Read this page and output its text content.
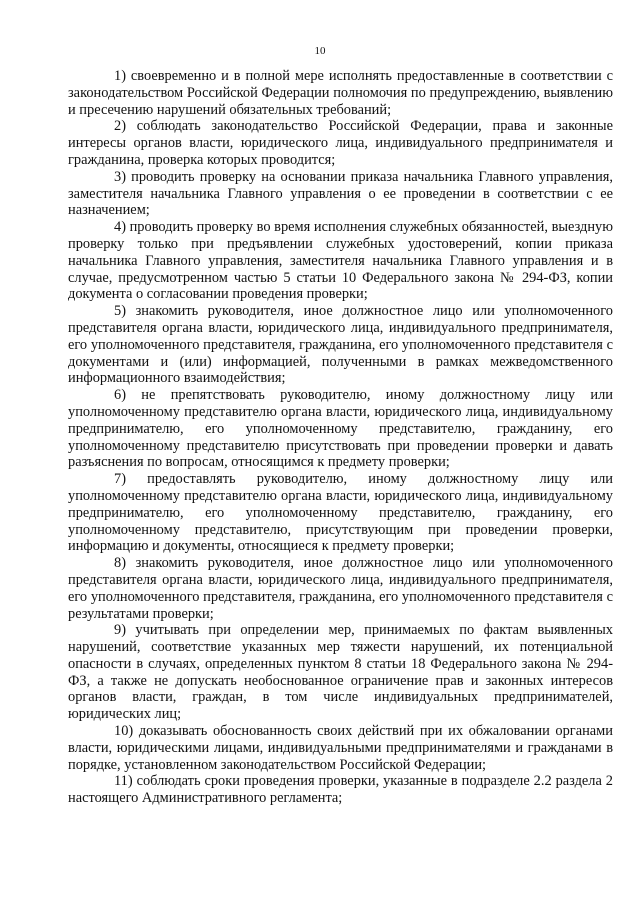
10

1) своевременно и в полной мере исполнять предоставленные в соответствии с законодательством Российской Федерации полномочия по предупреждению, выявлению и пресечению нарушений обязательных требований;

2) соблюдать законодательство Российской Федерации, права и законные интересы органов власти, юридического лица, индивидуального предпринимателя и гражданина, проверка которых проводится;

3) проводить проверку на основании приказа начальника Главного управления, заместителя начальника Главного управления о ее проведении в соответствии с ее назначением;

4) проводить проверку во время исполнения служебных обязанностей, выездную проверку только при предъявлении служебных удостоверений, копии приказа начальника Главного управления, заместителя начальника Главного управления и в случае, предусмотренном частью 5 статьи 10 Федерального закона № 294-ФЗ, копии документа о согласовании проведения проверки;

5) знакомить руководителя, иное должностное лицо или уполномоченного представителя органа власти, юридического лица, индивидуального предпринимателя, его уполномоченного представителя, гражданина, его уполномоченного представителя с документами и (или) информацией, полученными в рамках межведомственного информационного взаимодействия;

6) не препятствовать руководителю, иному должностному лицу или уполномоченному представителю органа власти, юридического лица, индивидуальному предпринимателю, его уполномоченному представителю, гражданину, его уполномоченному представителю присутствовать при проведении проверки и давать разъяснения по вопросам, относящимся к предмету проверки;

7) предоставлять руководителю, иному должностному лицу или уполномоченному представителю органа власти, юридического лица, индивидуальному предпринимателю, его уполномоченному представителю, гражданину, его уполномоченному представителю, присутствующим при проведении проверки, информацию и документы, относящиеся к предмету проверки;

8) знакомить руководителя, иное должностное лицо или уполномоченного представителя органа власти, юридического лица, индивидуального предпринимателя, его уполномоченного представителя, гражданина, его уполномоченного представителя с результатами проверки;

9) учитывать при определении мер, принимаемых по фактам выявленных нарушений, соответствие указанных мер тяжести нарушений, их потенциальной опасности в случаях, определенных пунктом 8 статьи 18 Федерального закона № 294-ФЗ, а также не допускать необоснованное ограничение прав и законных интересов органов власти, граждан, в том числе индивидуальных предпринимателей, юридических лиц;

10) доказывать обоснованность своих действий при их обжаловании органами власти, юридическими лицами, индивидуальными предпринимателями и гражданами в порядке, установленном законодательством Российской Федерации;

11) соблюдать сроки проведения проверки, указанные в подразделе 2.2 раздела 2 настоящего Административного регламента;
